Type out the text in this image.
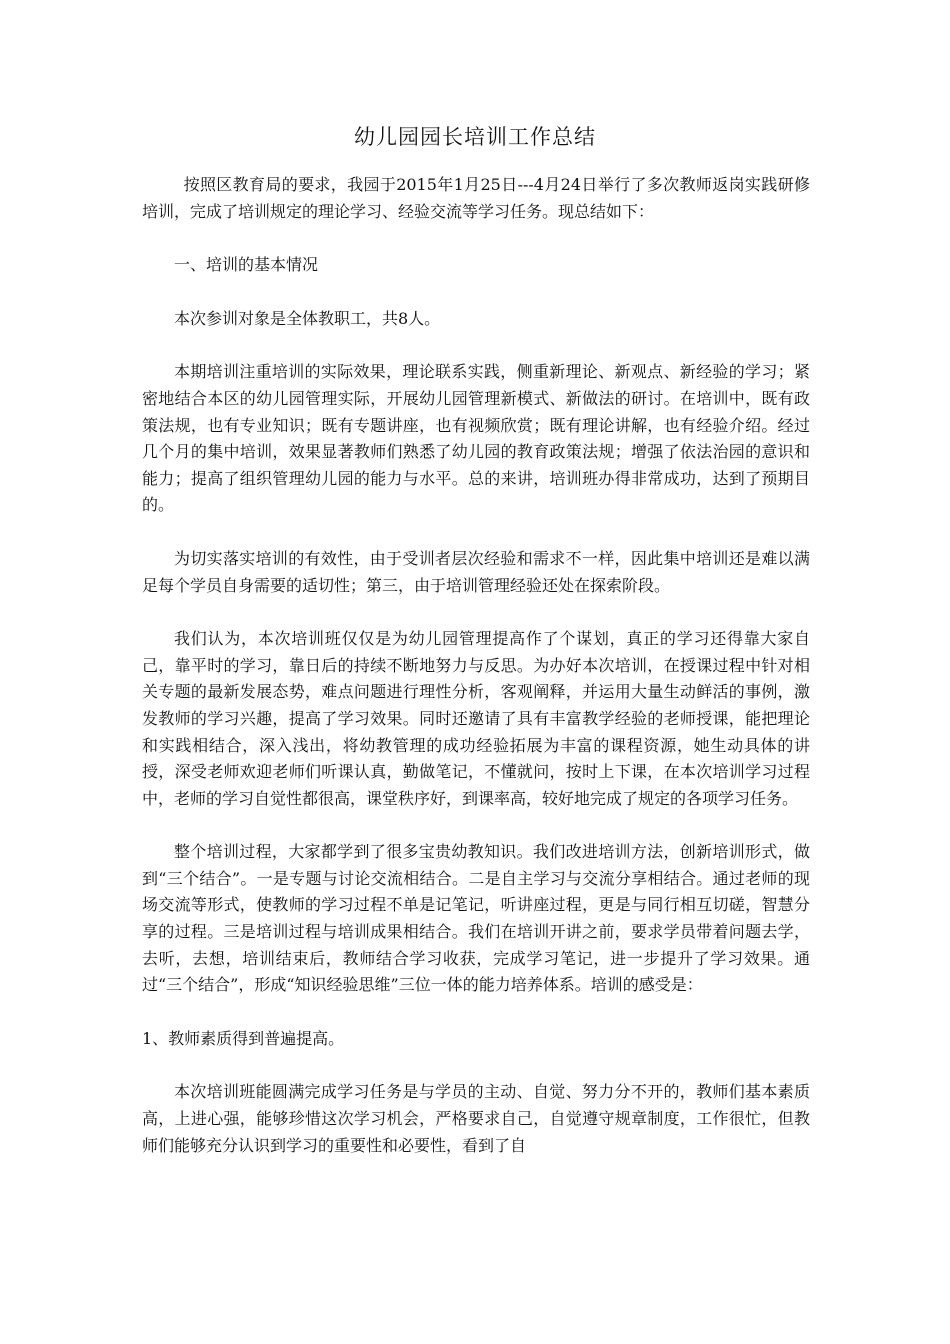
幼儿园园长培训工作总结

按照区教育局的要求，我园于2015年1月25日---4月24日举行了多次教师返岗实践研修培训，完成了培训规定的理论学习、经验交流等学习任务。现总结如下：

一、培训的基本情况

本次参训对象是全体教职工，共8人。

本期培训注重培训的实际效果，理论联系实践，侧重新理论、新观点、新经验的学习；紧密地结合本区的幼儿园管理实际，开展幼儿园管理新模式、新做法的研讨。在培训中，既有政策法规，也有专业知识；既有专题讲座，也有视频欣赏；既有理论讲解，也有经验介绍。经过几个月的集中培训，效果显著教师们熟悉了幼儿园的教育政策法规；增强了依法治园的意识和能力；提高了组织管理幼儿园的能力与水平。总的来讲，培训班办得非常成功，达到了预期目的。

为切实落实培训的有效性，由于受训者层次经验和需求不一样，因此集中培训还是难以满足每个学员自身需要的适切性；第三，由于培训管理经验还处在探索阶段。

我们认为，本次培训班仅仅是为幼儿园管理提高作了个谋划，真正的学习还得靠大家自己，靠平时的学习，靠日后的持续不断地努力与反思。为办好本次培训，在授课过程中针对相关专题的最新发展态势，难点问题进行理性分析，客观阐释，并运用大量生动鲜活的事例，激发教师的学习兴趣，提高了学习效果。同时还邀请了具有丰富教学经验的老师授课，能把理论和实践相结合，深入浅出，将幼教管理的成功经验拓展为丰富的课程资源，她生动具体的讲授，深受老师欢迎老师们听课认真，勤做笔记，不懂就问，按时上下课，在本次培训学习过程中，老师的学习自觉性都很高，课堂秩序好，到课率高，较好地完成了规定的各项学习任务。

整个培训过程，大家都学到了很多宝贵幼教知识。我们改进培训方法，创新培训形式，做到“三个结合”。一是专题与讨论交流相结合。二是自主学习与交流分享相结合。通过老师的现场交流等形式，使教师的学习过程不单是记笔记，听讲座过程，更是与同行相互切磋，智慧分享的过程。三是培训过程与培训成果相结合。我们在培训开讲之前，要求学员带着问题去学，去听，去想，培训结束后，教师结合学习收获，完成学习笔记，进一步提升了学习效果。通过“三个结合”，形成“知识经验思维”三位一体的能力培养体系。培训的感受是：

1、教师素质得到普遍提高。

本次培训班能圆满完成学习任务是与学员的主动、自觉、努力分不开的，教师们基本素质高，上进心强，能够珍惜这次学习机会，严格要求自己，自觉遵守规章制度，工作很忙，但教师们能够充分认识到学习的重要性和必要性，看到了自
